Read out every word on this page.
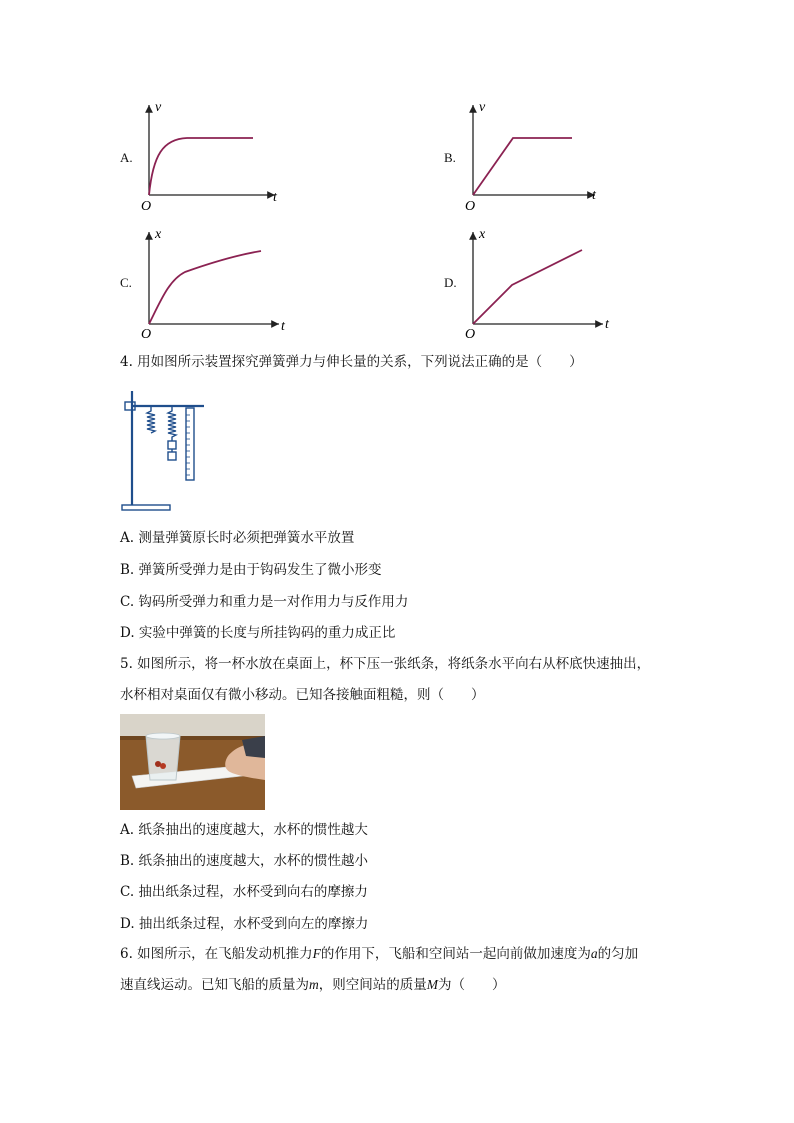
A.	B.
C.	D.
v
t
O
v
t
O
x
t
O
x
t
O
4. 用如图所示装置探究弹簧弹力与伸长量的关系，下列说法正确的是（　　）
A. 测量弹簧原长时必须把弹簧水平放置
B. 弹簧所受弹力是由于钩码发生了微小形变
C. 钩码所受弹力和重力是一对作用力与反作用力
D. 实验中弹簧的长度与所挂钩码的重力成正比
5. 如图所示，将一杯水放在桌面上，杯下压一张纸条，将纸条水平向右从杯底快速抽出，
水杯相对桌面仅有微小移动。已知各接触面粗糙，则（　　）
A. 纸条抽出的速度越大，水杯的惯性越大
B. 纸条抽出的速度越大，水杯的惯性越小
C. 抽出纸条过程，水杯受到向右的摩擦力
D. 抽出纸条过程，水杯受到向左的摩擦力
6. 如图所示，在飞船发动机推力F的作用下，飞船和空间站一起向前做加速度为a的匀加
速直线运动。已知飞船的质量为m，则空间站的质量M为（　　）
